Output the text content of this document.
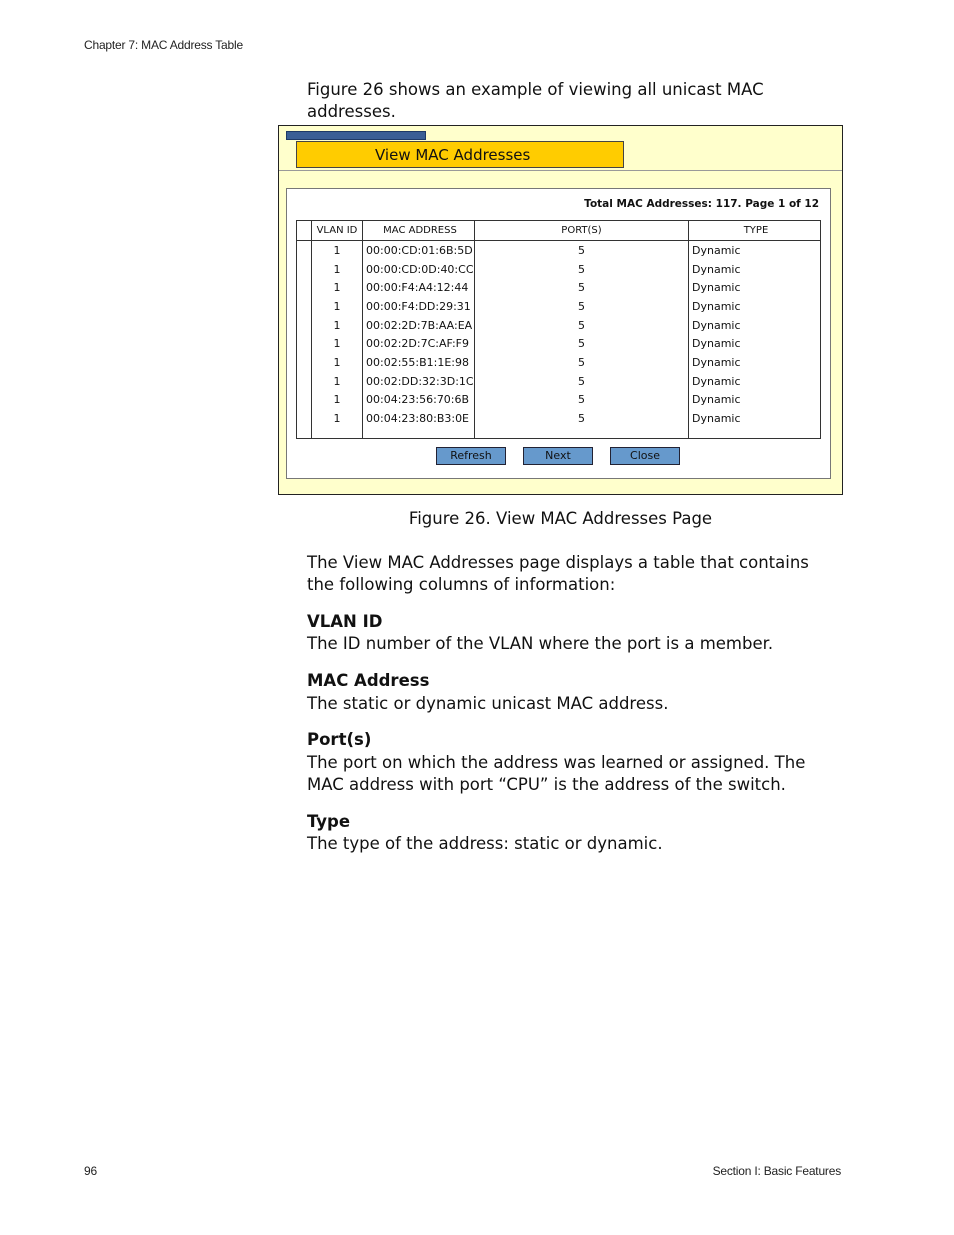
Chapter 7: MAC Address Table

Figure 26 shows an example of viewing all unicast MAC addresses.

View MAC Addresses
Total MAC Addresses: 117. Page 1 of 12
	VLAN ID	MAC ADDRESS	PORT(S)	TYPE
	1	00:00:CD:01:6B:5D	5	Dynamic
	1	00:00:CD:0D:40:CC	5	Dynamic
	1	00:00:F4:A4:12:44	5	Dynamic
	1	00:00:F4:DD:29:31	5	Dynamic
	1	00:02:2D:7B:AA:EA	5	Dynamic
	1	00:02:2D:7C:AF:F9	5	Dynamic
	1	00:02:55:B1:1E:98	5	Dynamic
	1	00:02:DD:32:3D:1C	5	Dynamic
	1	00:04:23:56:70:6B	5	Dynamic
	1	00:04:23:80:B3:0E	5	Dynamic

Refresh	Next	Close
Figure 26. View MAC Addresses Page

The View MAC Addresses page displays a table that contains the following columns of information:

VLAN ID

The ID number of the VLAN where the port is a member.

MAC Address

The static or dynamic unicast MAC address.

Port(s)

The port on which the address was learned or assigned. The MAC address with port “CPU” is the address of the switch.

Type

The type of the address: static or dynamic.

96	Section I: Basic Features
